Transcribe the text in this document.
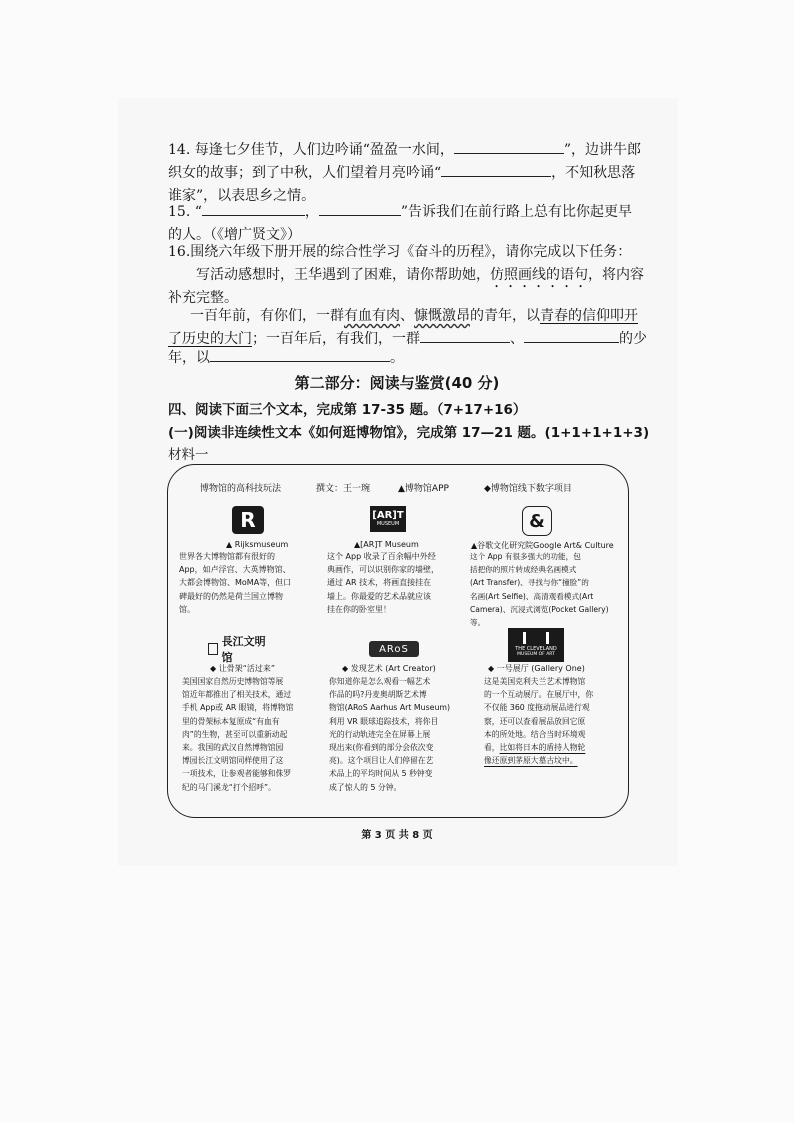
14. 每逢七夕佳节，人们边吟诵“盈盈一水间，	”，边讲牛郎
织女的故事；到了中秋，人们望着月亮吟诵“	，不知秋思落
谁家”，以表思乡之情。
15. “	，	”告诉我们在前行路上总有比你起更早
的人。（《增广贤文》）
16.围绕六年级下册开展的综合性学习《奋斗的历程》，请你完成以下任务：
写活动感想时，王华遇到了困难，请你帮助她，仿照画线的语句，将内容
补充完整。
一百年前，有你们，一群有血有肉、慷慨激昂的青年，以青春的信仰叩开
了历史的大门；一百年后，有我们，一群	、	的少
年，以	。
第二部分：阅读与鉴赏(40 分)
四、阅读下面三个文本，完成第 17-35 题。（7+17+16）
(一)阅读非连续性文本《如何逛博物馆》，完成第 17—21 题。(1+1+1+1+3)
材料一
博物馆的高科技玩法	撰文：王一琬	▲博物馆APP	◆博物馆线下数字项目
R	[AR]T
MUSEUM	&
▲ Rijksmuseum	▲[AR]T Museum	▲谷歌文化研究院Google Art& Culture

世界各大博物馆都有很好的

App，如卢浮宫、大英博物馆、

大都会博物馆、MoMA等，但口

碑最好的仍然是荷兰国立博物

馆。

这个 App 收录了百余幅中外经

典画作，可以识别你家的墙壁，

通过 AR 技术，将画直接挂在

墙上。你最爱的艺术品就应该

挂在你的卧室里！

这个 App 有很多强大的功能，包

括把你的照片转成经典名画模式

(Art Transfer)、寻找与你“撞脸”的

名画(Art Selfie)、高清观看模式(Art

Camera)、沉浸式浏览(Pocket Gallery)

等。

長江文明馆
ARoS	THE CLEVELAND
MUSEUM OF ART
◆ 让骨架“活过来”	◆ 发现艺术 (Art Creator)	◆ 一号展厅 (Gallery One)

美国国家自然历史博物馆等展

馆近年都推出了相关技术，通过

手机 App或 AR 眼镜，将博物馆

里的骨架标本复原成“有血有

肉”的生物，甚至可以重新动起

来。我国的武汉自然博物馆园

博园长江文明馆同样使用了这

一项技术，让参观者能够和侏罗

纪的马门溪龙“打个招呼”。

你知道你是怎么观看一幅艺术

作品的吗?丹麦奥胡斯艺术博

物馆(ARoS Aarhus Art Museum)

利用 VR 眼球追踪技术，将你目

光的行动轨迹完全在屏幕上展

现出来(你看到的部分会依次变

亮)。这个项目让人们停留在艺

术品上的平均时间从 5 秒钟变

成了惊人的 5 分钟。

这是美国克利夫兰艺术博物馆

的一个互动展厅。在展厅中，你

不仅能 360 度拖动展品进行观

察，还可以查看展品放回它原

本的所处地。结合当时环境观

看，比如将日本的盾持人物轮

像还原到茅原大墓古坟中。

第 3 页 共 8 页
